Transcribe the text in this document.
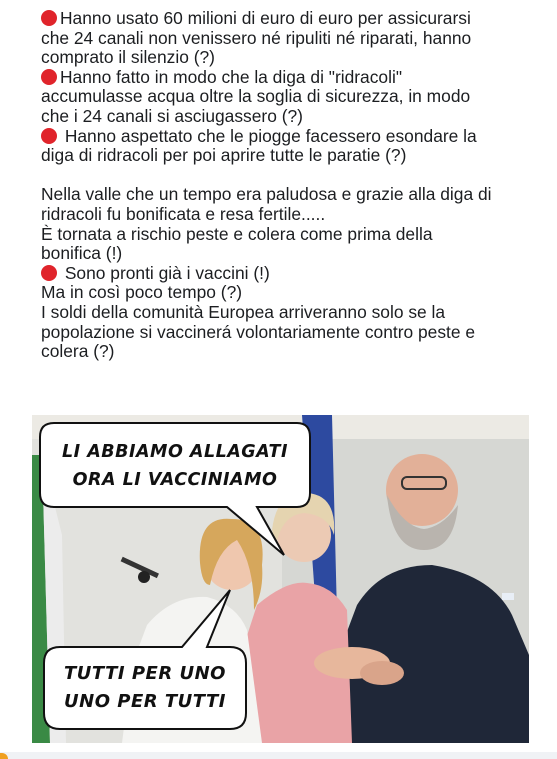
Hanno usato 60 milioni di euro di euro per assicurarsi

che 24 canali non venissero né ripuliti né riparati, hanno

comprato il silenzio (?)

Hanno fatto in modo che la diga di "ridracoli"

accumulasse acqua oltre la soglia di sicurezza, in modo

che i 24 canali si asciugassero (?)

Hanno aspettato che le piogge facessero esondare la

diga di ridracoli per poi aprire tutte le paratie (?)

Nella valle che un tempo era paludosa e grazie alla diga di

ridracoli fu bonificata e resa fertile.....

È tornata a rischio peste e colera come prima della

bonifica (!)

Sono pronti già i vaccini (!)

Ma in così poco tempo (?)

I soldi della comunità Europea arriveranno solo se la

popolazione si vaccinerá volontariamente contro peste e

colera (?)

LI ABBIAMO ALLAGATI
ORA LI VACCINIAMO
TUTTI PER UNO
UNO PER TUTTI
